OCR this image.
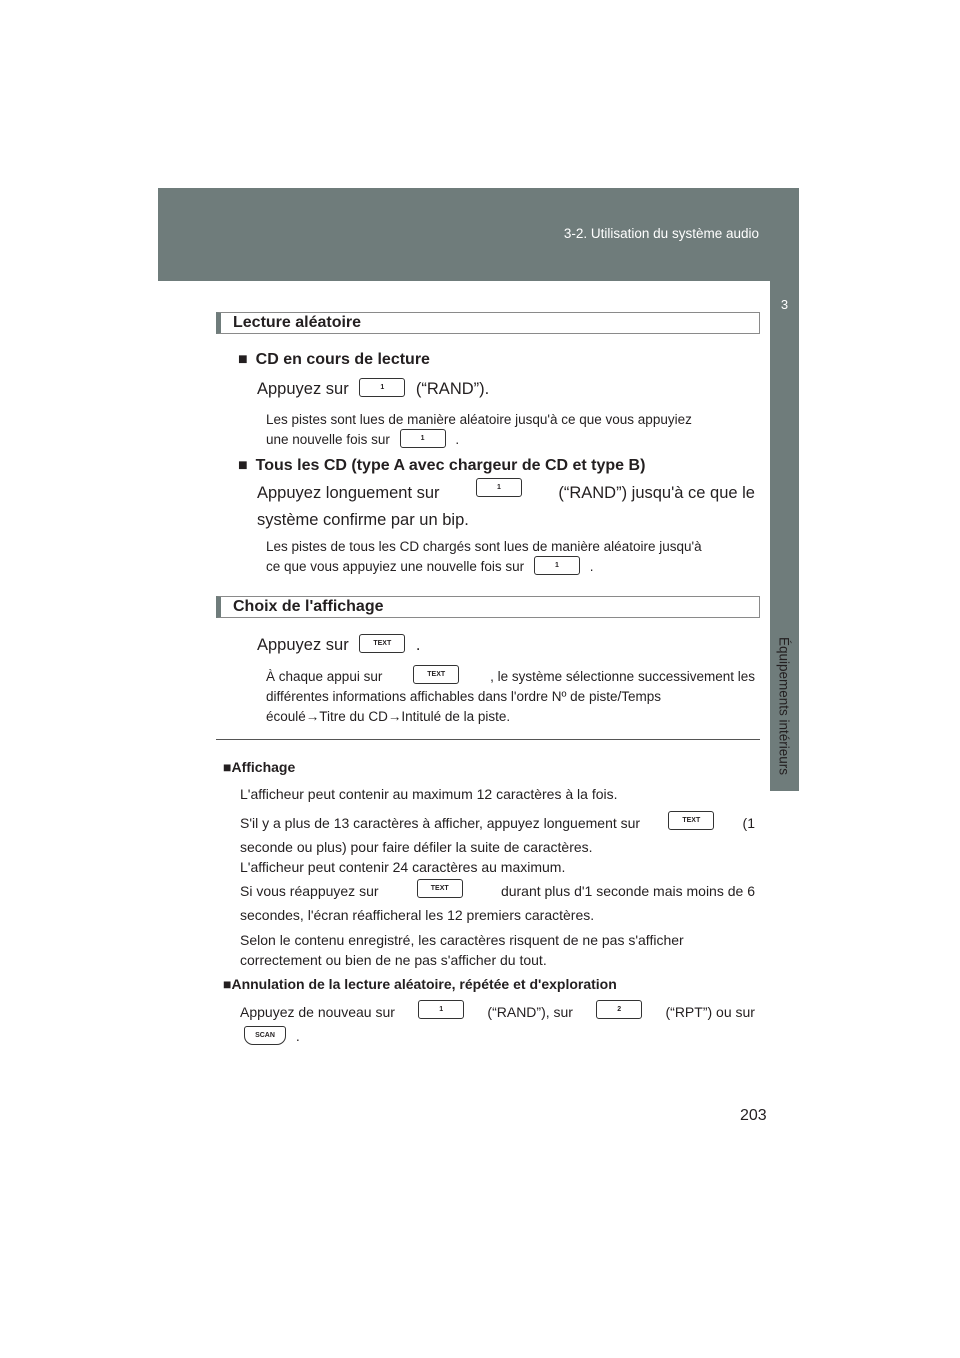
3-2. Utilisation du système audio
3
Équipements intérieurs
Lecture aléatoire
■ CD en cours de lecture
Appuyez sur	1 (“RAND”).
Les pistes sont lues de manière aléatoire jusqu'à ce que vous appuyiez
une nouvelle fois sur	1 .
■ Tous les CD (type A avec chargeur de CD et type B)
Appuyez longuement sur	1	(“RAND”) jusqu'à ce que le
système confirme par un bip.
Les pistes de tous les CD chargés sont lues de manière aléatoire jusqu'à
ce que vous appuyiez une nouvelle fois sur	1 .
Choix de l'affichage
Appuyez sur	TEXT .
À chaque appui sur	TEXT	, le système sélectionne successivement les
différentes informations affichables dans l'ordre Nº de piste/Temps
écoulé→Titre du CD→Intitulé de la piste.
■Affichage
L'afficheur peut contenir au maximum 12 caractères à la fois.
S'il y a plus de 13 caractères à afficher, appuyez longuement sur	TEXT	(1
seconde ou plus) pour faire défiler la suite de caractères.
L'afficheur peut contenir 24 caractères au maximum.
Si vous réappuyez sur	TEXT	durant plus d'1 seconde mais moins de 6
secondes, l'écran réafficheral les 12 premiers caractères.
Selon le contenu enregistré, les caractères risquent de ne pas s'afficher
correctement ou bien de ne pas s'afficher du tout.
■Annulation de la lecture aléatoire, répétée et d'exploration
Appuyez de nouveau sur	1	(“RAND”), sur	2	(“RPT”) ou sur
SCAN .
203
